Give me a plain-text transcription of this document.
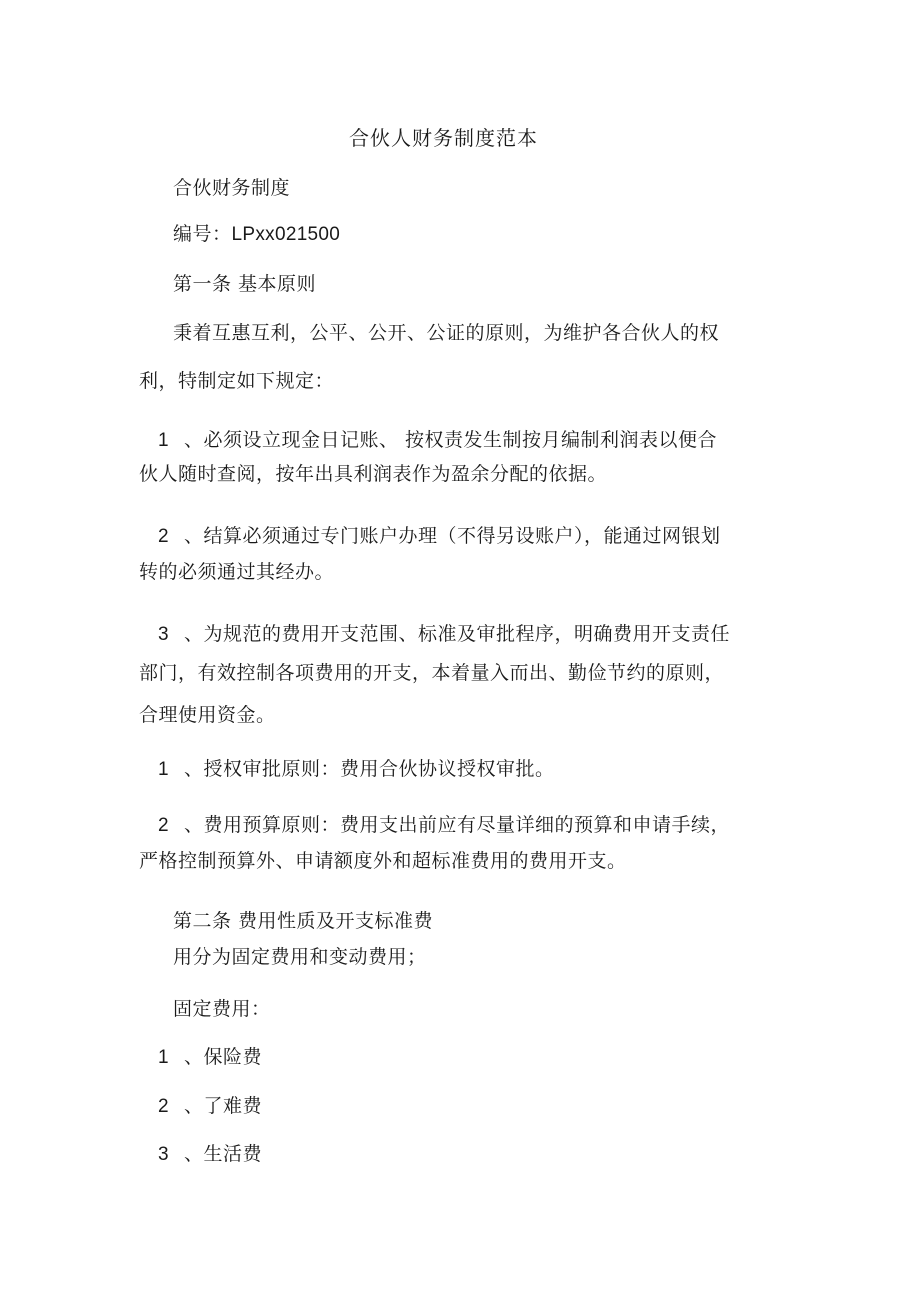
合伙人财务制度范本
合伙财务制度
编号：LPxx021500
第一条 基本原则
秉着互惠互利，公平、公开、公证的原则，为维护各合伙人的权
利，特制定如下规定：
1 、必须设立现金日记账、 按权责发生制按月编制利润表以便合
伙人随时查阅，按年出具利润表作为盈余分配的依据。
2 、结算必须通过专门账户办理（不得另设账户），能通过网银划
转的必须通过其经办。
3 、为规范的费用开支范围、标准及审批程序，明确费用开支责任
部门，有效控制各项费用的开支，本着量入而出、勤俭节约的原则，
合理使用资金。
1 、授权审批原则：费用合伙协议授权审批。
2 、费用预算原则：费用支出前应有尽量详细的预算和申请手续，
严格控制预算外、申请额度外和超标准费用的费用开支。
第二条 费用性质及开支标准费
用分为固定费用和变动费用；
固定费用：
1 、保险费
2 、了难费
3 、生活费
